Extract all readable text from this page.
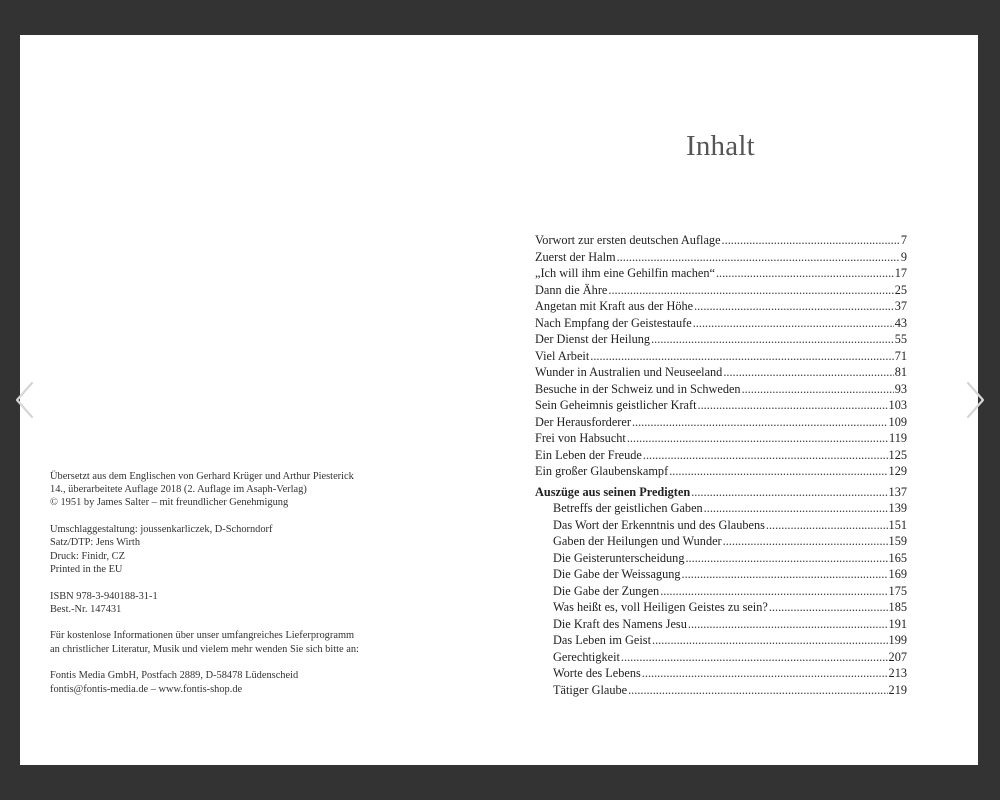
Übersetzt aus dem Englischen von Gerhard Krüger und Arthur Piesterick
14., überarbeitete Auflage 2018 (2. Auflage im Asaph-Verlag)
© 1951 by James Salter – mit freundlicher Genehmigung
Umschlaggestaltung: joussenkarliczek, D-Schorndorf
Satz/DTP: Jens Wirth
Druck: Finidr, CZ
Printed in the EU
ISBN 978-3-940188-31-1
Best.-Nr. 147431
Für kostenlose Informationen über unser umfangreiches Lieferprogramm
an christlicher Literatur, Musik und vielem mehr wenden Sie sich bitte an:
Fontis Media GmbH, Postfach 2889, D-58478 Lüdenscheid
fontis@fontis-media.de – www.fontis-shop.de
Inhalt
Vorwort zur ersten deutschen Auflage .....	7
Zuerst der Halm .....	9
„Ich will ihm eine Gehilfin machen“ .....	17
Dann die Ähre .....	25
Angetan mit Kraft aus der Höhe .....	37
Nach Empfang der Geistestaufe .....	43
Der Dienst der Heilung .....	55
Viel Arbeit .....	71
Wunder in Australien und Neuseeland .....	81
Besuche in der Schweiz und in Schweden .....	93
Sein Geheimnis geistlicher Kraft .....	103
Der Herausforderer .....	109
Frei von Habsucht .....	119
Ein Leben der Freude .....	125
Ein großer Glaubenskampf .....	129
Auszüge aus seinen Predigten .....	137
Betreffs der geistlichen Gaben .....	139
Das Wort der Erkenntnis und des Glaubens .....	151
Gaben der Heilungen und Wunder .....	159
Die Geisterunterscheidung .....	165
Die Gabe der Weissagung .....	169
Die Gabe der Zungen .....	175
Was heißt es, voll Heiligen Geistes zu sein? .....	185
Die Kraft des Namens Jesu .....	191
Das Leben im Geist .....	199
Gerechtigkeit .....	207
Worte des Lebens .....	213
Tätiger Glaube .....	219
